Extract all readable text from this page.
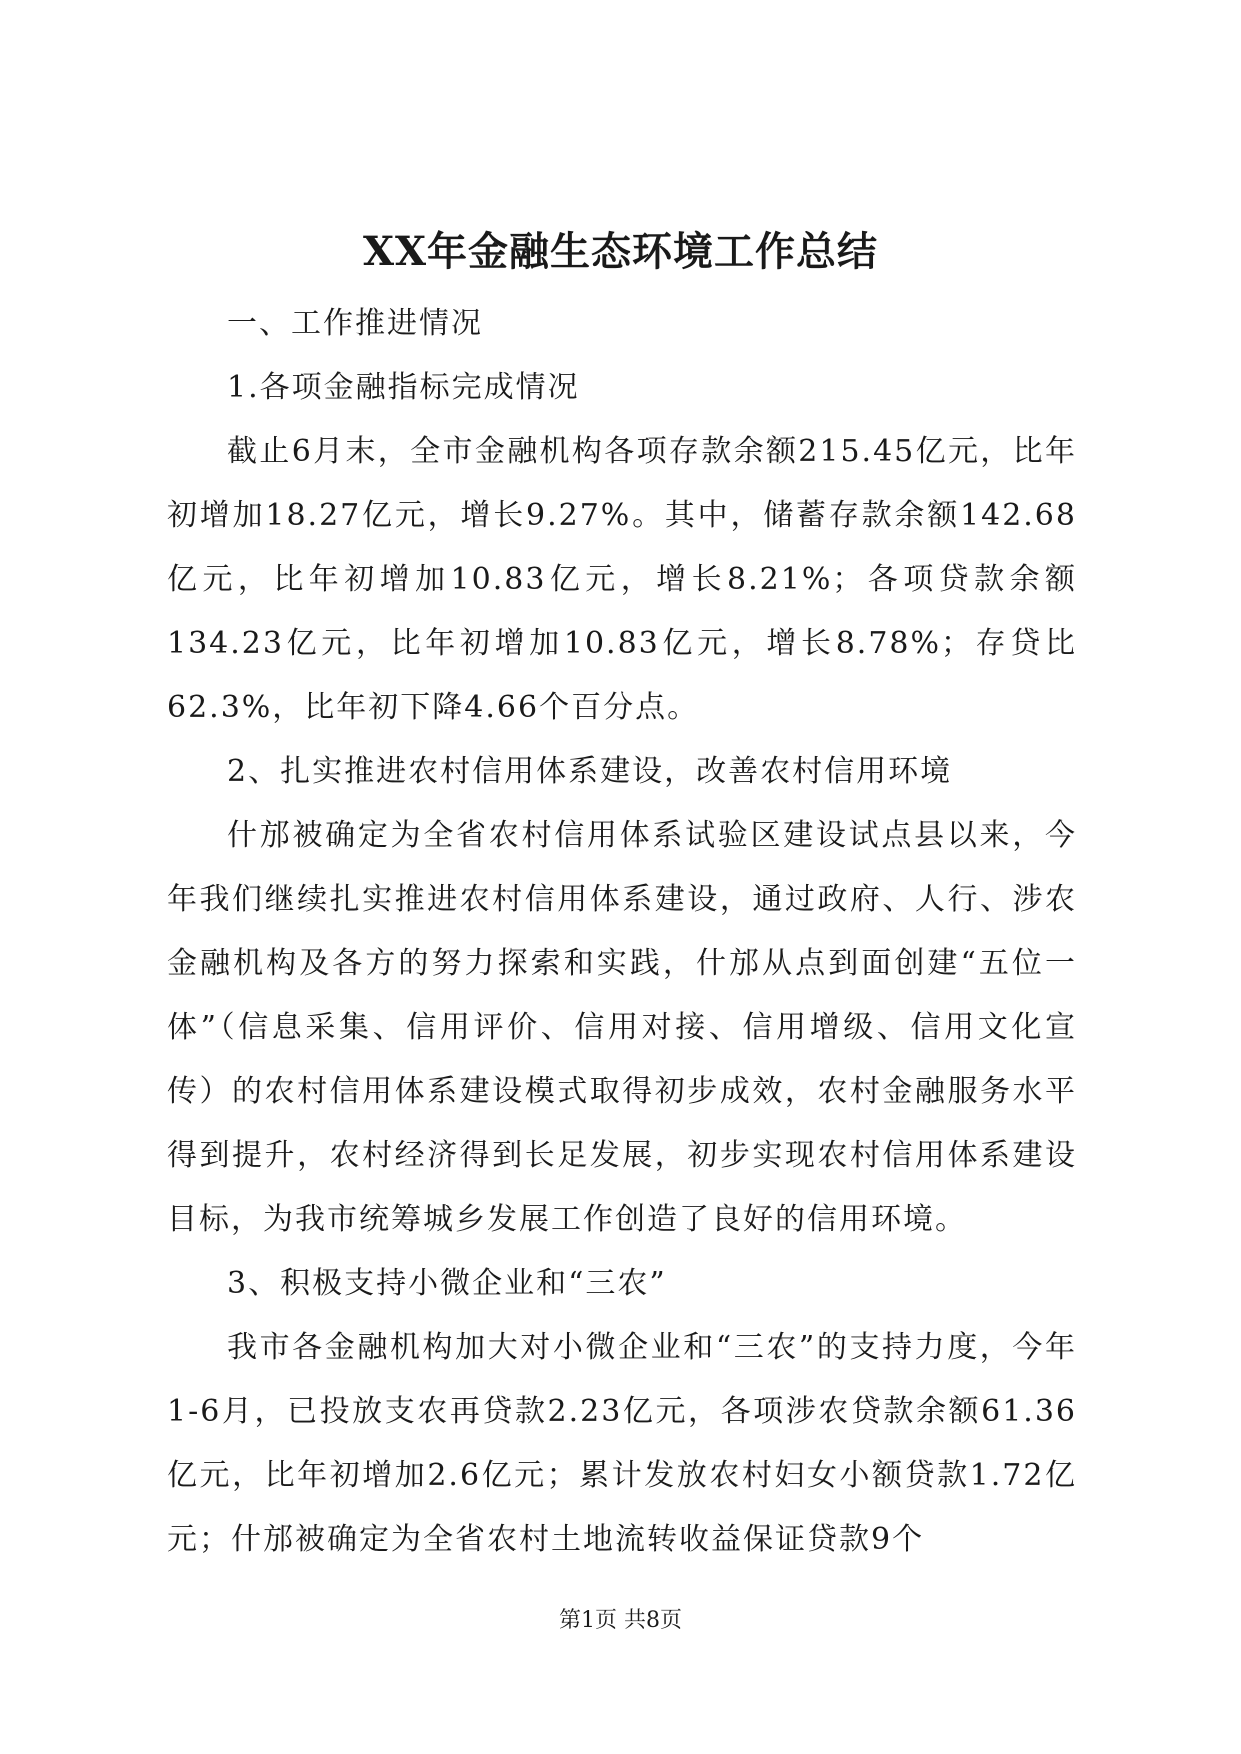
XX年金融生态环境工作总结

一、工作推进情况

1.各项金融指标完成情况

截止6月末，全市金融机构各项存款余额215.45亿元，比年初增加18.27亿元，增长9.27%。其中，储蓄存款余额142.68亿元，比年初增加10.83亿元，增长8.21%；各项贷款余额134.23亿元，比年初增加10.83亿元，增长8.78%；存贷比62.3%，比年初下降4.66个百分点。

2、扎实推进农村信用体系建设，改善农村信用环境

什邡被确定为全省农村信用体系试验区建设试点县以来，今年我们继续扎实推进农村信用体系建设，通过政府、人行、涉农金融机构及各方的努力探索和实践，什邡从点到面创建“五位一体”（信息采集、信用评价、信用对接、信用增级、信用文化宣传）的农村信用体系建设模式取得初步成效，农村金融服务水平得到提升，农村经济得到长足发展，初步实现农村信用体系建设目标，为我市统筹城乡发展工作创造了良好的信用环境。

3、积极支持小微企业和“三农”

我市各金融机构加大对小微企业和“三农”的支持力度，今年1-6月，已投放支农再贷款2.23亿元，各项涉农贷款余额61.36亿元，比年初增加2.6亿元；累计发放农村妇女小额贷款1.72亿元；什邡被确定为全省农村土地流转收益保证贷款9个

第1页 共8页
